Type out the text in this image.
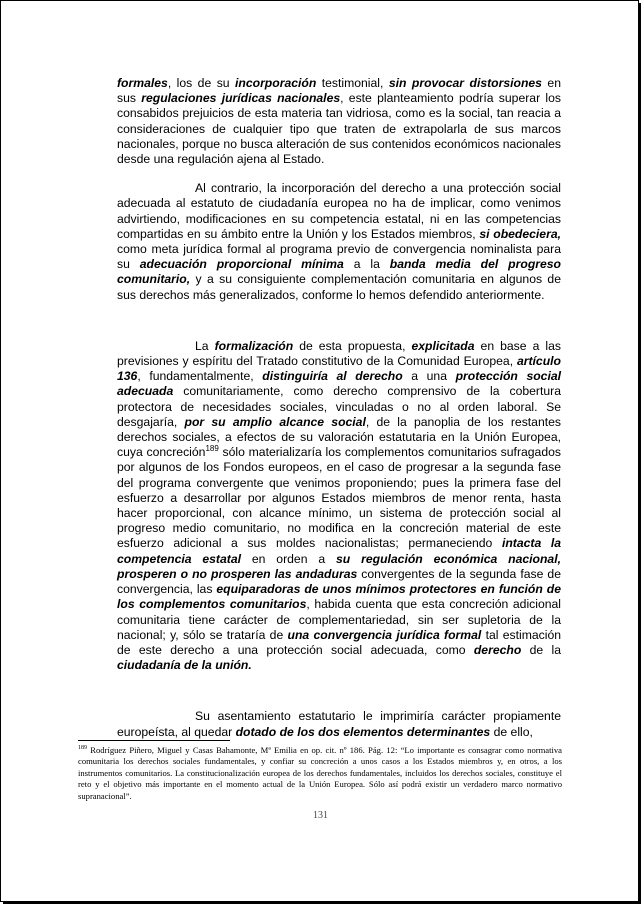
formales, los de su incorporación testimonial, sin provocar distorsiones en sus regulaciones jurídicas nacionales, este planteamiento podría superar los consabidos prejuicios de esta materia tan vidriosa, como es la social, tan reacia a consideraciones de cualquier tipo que traten de extrapolarla de sus marcos nacionales, porque no busca alteración de sus contenidos económicos nacionales desde una regulación ajena al Estado.

Al contrario, la incorporación del derecho a una protección social adecuada al estatuto de ciudadanía europea no ha de implicar, como venimos advirtiendo, modificaciones en su competencia estatal, ni en las competencias compartidas en su ámbito entre la Unión y los Estados miembros, si obedeciera, como meta jurídica formal al programa previo de convergencia nominalista para su adecuación proporcional mínima a la banda media del progreso comunitario, y a su consiguiente complementación comunitaria en algunos de sus derechos más generalizados, conforme lo hemos defendido anteriormente.

La formalización de esta propuesta, explicitada en base a las previsiones y espíritu del Tratado constitutivo de la Comunidad Europea, artículo 136, fundamentalmente, distinguiría al derecho a una protección social adecuada comunitariamente, como derecho comprensivo de la cobertura protectora de necesidades sociales, vinculadas o no al orden laboral. Se desgajaría, por su amplio alcance social, de la panoplia de los restantes derechos sociales, a efectos de su valoración estatutaria en la Unión Europea, cuya concreción$^{189}$ sólo materializaría los complementos comunitarios sufragados por algunos de los Fondos europeos, en el caso de progresar a la segunda fase del programa convergente que venimos proponiendo; pues la primera fase del esfuerzo a desarrollar por algunos Estados miembros de menor renta, hasta hacer proporcional, con alcance mínimo, un sistema de protección social al progreso medio comunitario, no modifica en la concreción material de este esfuerzo adicional a sus moldes nacionalistas; permaneciendo intacta la competencia estatal en orden a su regulación económica nacional, prosperen o no prosperen las andaduras convergentes de la segunda fase de convergencia, las equiparadoras de unos mínimos protectores en función de los complementos comunitarios, habida cuenta que esta concreción adicional comunitaria tiene carácter de complementariedad, sin ser supletoria de la nacional; y, sólo se trataría de una convergencia jurídica formal tal estimación de este derecho a una protección social adecuada, como derecho de la ciudadanía de la unión.

Su asentamiento estatutario le imprimiría carácter propiamente europeísta, al quedar dotado de los dos elementos determinantes de ello,

$^{189}$ Rodríguez Piñero, Miguel y Casas Bahamonte, Mª Emilia en op. cit. nº 186. Pág. 12: “Lo importante es consagrar como normativa comunitaria los derechos sociales fundamentales, y confiar su concreción a unos casos a los Estados miembros y, en otros, a los instrumentos comunitarios. La constitucionalización europea de los derechos fundamentales, incluidos los derechos sociales, constituye el reto y el objetivo más importante en el momento actual de la Unión Europea. Sólo así podrá existir un verdadero marco normativo supranacional”.
131
